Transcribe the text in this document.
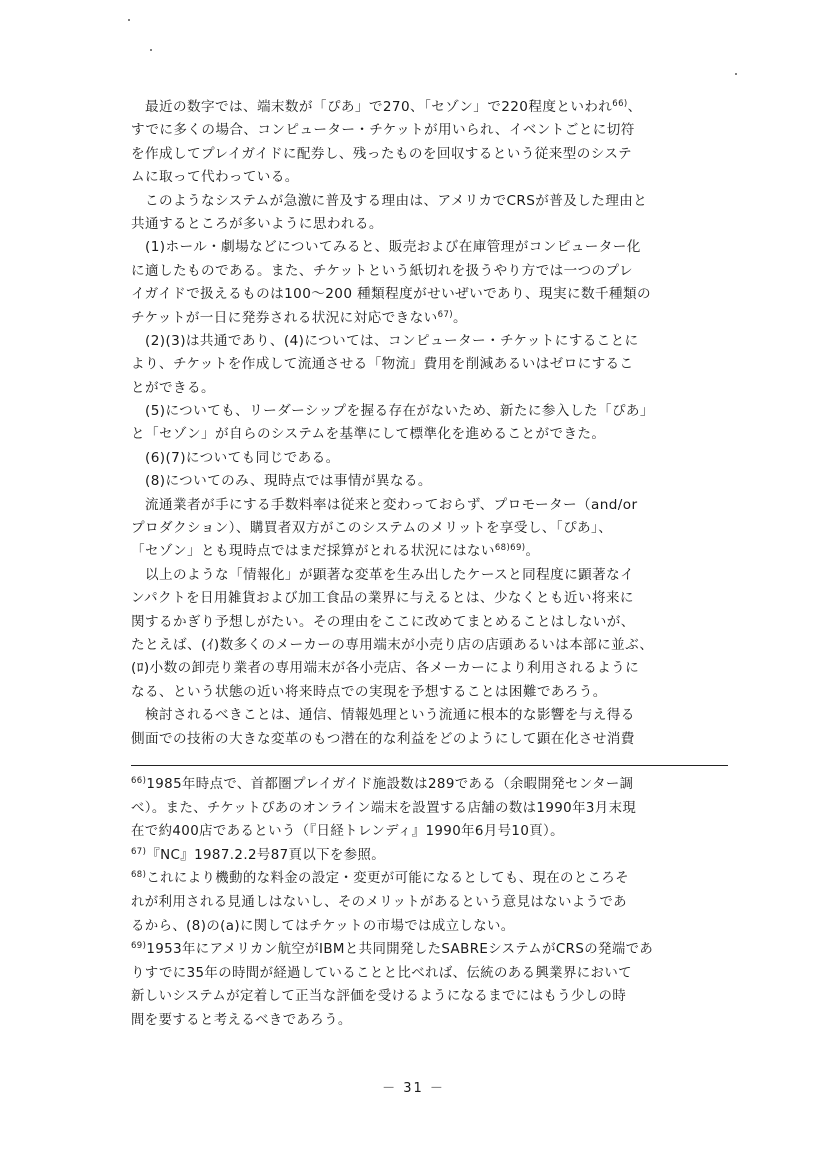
　最近の数字では、端末数が「ぴあ」で270、「セゾン」で220程度といわれ$^{66)}$、
すでに多くの場合、コンピューター・チケットが用いられ、イベントごとに切符
を作成してプレイガイドに配券し、残ったものを回収するという従来型のシステ
ムに取って代わっている。
　このようなシステムが急激に普及する理由は、アメリカでCRSが普及した理由と
共通するところが多いように思われる。
　(1)ホール・劇場などについてみると、販売および在庫管理がコンピューター化
に適したものである。また、チケットという紙切れを扱うやり方では一つのプレ
イガイドで扱えるものは100～200 種類程度がせいぜいであり、現実に数千種類の
チケットが一日に発券される状況に対応できない$^{67)}$。
　(2)(3)は共通であり、(4)については、コンピューター・チケットにすることに
より、チケットを作成して流通させる「物流」費用を削減あるいはゼロにするこ
とができる。
　(5)についても、リーダーシップを握る存在がないため、新たに参入した「ぴあ」
と「セゾン」が自らのシステムを基準にして標準化を進めることができた。
　(6)(7)についても同じである。
　(8)についてのみ、現時点では事情が異なる。
　流通業者が手にする手数料率は従来と変わっておらず、プロモーター（and/or
プロダクション）、購買者双方がこのシステムのメリットを享受し、「ぴあ」、
「セゾン」とも現時点ではまだ採算がとれる状況にはない$^{68)69)}$。
　以上のような「情報化」が顕著な変革を生み出したケースと同程度に顕著なイ
ンパクトを日用雑貨および加工食品の業界に与えるとは、少なくとも近い将来に
関するかぎり予想しがたい。その理由をここに改めてまとめることはしないが、
たとえば、(ｲ)数多くのメーカーの専用端末が小売り店の店頭あるいは本部に並ぶ、
(ﾛ)小数の卸売り業者の専用端末が各小売店、各メーカーにより利用されるように
なる、という状態の近い将来時点での実現を予想することは困難であろう。
　検討されるべきことは、通信、情報処理という流通に根本的な影響を与え得る
側面での技術の大きな変革のもつ潜在的な利益をどのようにして顕在化させ消費
$^{66)}$1985年時点で、首都圏プレイガイド施設数は289である（余暇開発センター調
べ）。また、チケットぴあのオンライン端末を設置する店舗の数は1990年3月末現
在で約400店であるという（『日経トレンディ』1990年6月号10頁）。
$^{67)}$『NC』1987.2.2号87頁以下を参照。
$^{68)}$これにより機動的な料金の設定・変更が可能になるとしても、現在のところそ
れが利用される見通しはないし、そのメリットがあるという意見はないようであ
るから、(8)の(a)に関してはチケットの市場では成立しない。
$^{69)}$1953年にアメリカン航空がIBMと共同開発したSABREシステムがCRSの発端であ
りすでに35年の時間が経過していることと比べれば、伝統のある興業界において
新しいシステムが定着して正当な評価を受けるようになるまでにはもう少しの時
間を要すると考えるべきであろう。
－ 31 －
